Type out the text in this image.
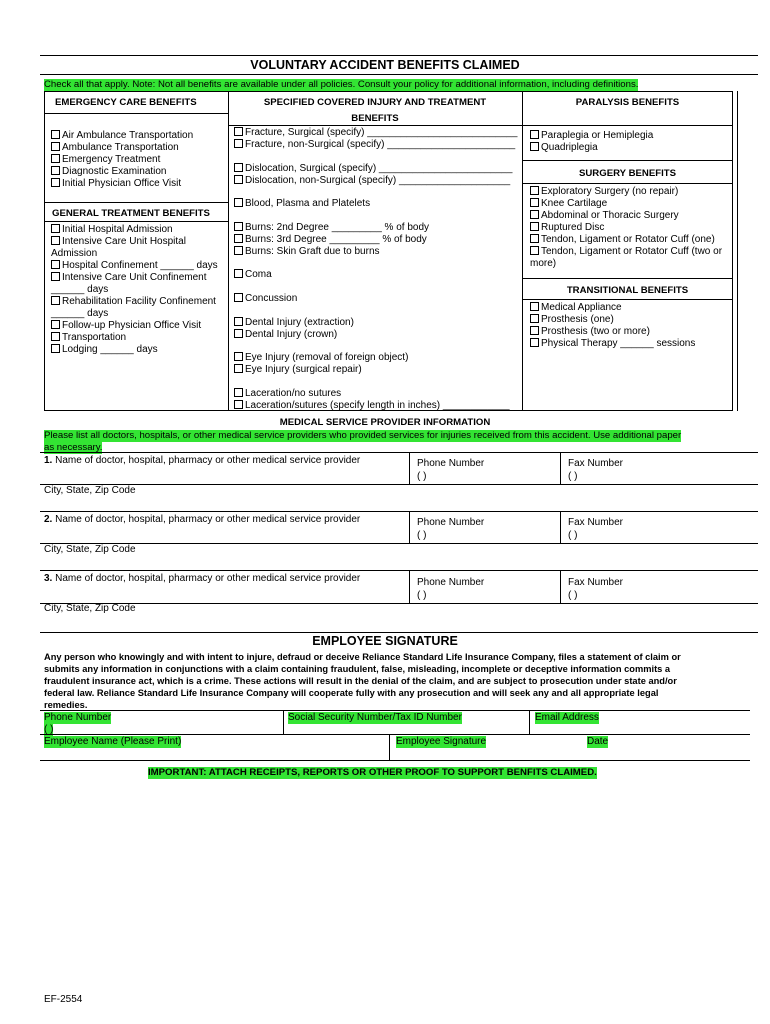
VOLUNTARY ACCIDENT BENEFITS CLAIMED
Check all that apply. Note: Not all benefits are available under all policies. Consult your policy for additional information, including definitions.
EMERGENCY CARE BENEFITS
Air Ambulance Transportation
Ambulance Transportation
Emergency Treatment
Diagnostic Examination
Initial Physician Office Visit
GENERAL TREATMENT BENEFITS
Initial Hospital Admission
Intensive Care Unit Hospital
Admission
Hospital Confinement ______ days
Intensive Care Unit Confinement
______ days
Rehabilitation Facility Confinement
______ days
Follow-up Physician Office Visit
Transportation
Lodging ______ days
SPECIFIED COVERED INJURY AND TREATMENT
BENEFITS
Fracture, Surgical (specify) ___________________________
Fracture, non-Surgical (specify) _______________________
Dislocation, Surgical (specify) ________________________
Dislocation, non-Surgical (specify) ____________________
Blood, Plasma and Platelets
Burns: 2nd Degree _________ % of body
Burns: 3rd Degree _________ % of body
Burns: Skin Graft due to burns
Coma
Concussion
Dental Injury (extraction)
Dental Injury (crown)
Eye Injury (removal of foreign object)
Eye Injury (surgical repair)
Laceration/no sutures
Laceration/sutures (specify length in inches) ____________
PARALYSIS BENEFITS
Paraplegia or Hemiplegia
Quadriplegia
SURGERY BENEFITS
Exploratory Surgery (no repair)
Knee Cartilage
Abdominal or Thoracic Surgery
Ruptured Disc
Tendon, Ligament or Rotator Cuff (one)
Tendon, Ligament or Rotator Cuff (two or
more)
TRANSITIONAL BENEFITS
Medical Appliance
Prosthesis (one)
Prosthesis (two or more)
Physical Therapy ______ sessions
MEDICAL SERVICE PROVIDER INFORMATION
Please list all doctors, hospitals, or other medical service providers who provided services for injuries received from this accident. Use additional paper
as necessary.
1. Name of doctor, hospital, pharmacy or other medical service provider	Phone Number
( )
Fax Number
( )
City, State, Zip Code
2. Name of doctor, hospital, pharmacy or other medical service provider	Phone Number
( )
Fax Number
( )
City, State, Zip Code
3. Name of doctor, hospital, pharmacy or other medical service provider	Phone Number
( )
Fax Number
( )
City, State, Zip Code
EMPLOYEE SIGNATURE
Any person who knowingly and with intent to injure, defraud or deceive Reliance Standard Life Insurance Company, files a statement of claim or
submits any information in conjunctions with a claim containing fraudulent, false, misleading, incomplete or deceptive information commits a
fraudulent insurance act, which is a crime. These actions will result in the denial of the claim, and are subject to prosecution under state and/or
federal law. Reliance Standard Life Insurance Company will cooperate fully with any prosecution and will seek any and all appropriate legal
remedies.
Phone Number
( )
Social Security Number/Tax ID Number	Email Address
Employee Name (Please Print)	Employee Signature	Date
IMPORTANT: ATTACH RECEIPTS, REPORTS OR OTHER PROOF TO SUPPORT BENFITS CLAIMED.
EF-2554
